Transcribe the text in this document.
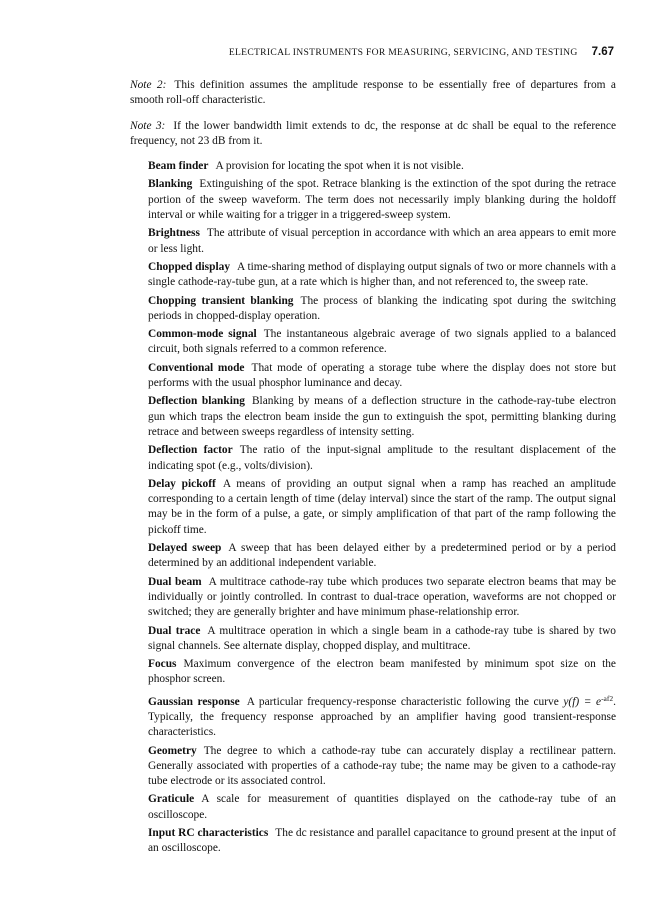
ELECTRICAL INSTRUMENTS FOR MEASURING, SERVICING, AND TESTING 7.67

Note 2: This definition assumes the amplitude response to be essentially free of departures from a smooth roll-off characteristic.

Note 3: If the lower bandwidth limit extends to dc, the response at dc shall be equal to the reference frequency, not 23 dB from it.

Beam finder A provision for locating the spot when it is not visible.

Blanking Extinguishing of the spot. Retrace blanking is the extinction of the spot during the retrace portion of the sweep waveform. The term does not necessarily imply blanking during the holdoff interval or while waiting for a trigger in a triggered-sweep system.

Brightness The attribute of visual perception in accordance with which an area appears to emit more or less light.

Chopped display A time-sharing method of displaying output signals of two or more channels with a single cathode-ray-tube gun, at a rate which is higher than, and not referenced to, the sweep rate.

Chopping transient blanking The process of blanking the indicating spot during the switching periods in chopped-display operation.

Common-mode signal The instantaneous algebraic average of two signals applied to a balanced circuit, both signals referred to a common reference.

Conventional mode That mode of operating a storage tube where the display does not store but performs with the usual phosphor luminance and decay.

Deflection blanking Blanking by means of a deflection structure in the cathode-ray-tube electron gun which traps the electron beam inside the gun to extinguish the spot, permitting blanking during retrace and between sweeps regardless of intensity setting.

Deflection factor The ratio of the input-signal amplitude to the resultant displacement of the indicating spot (e.g., volts/division).

Delay pickoff A means of providing an output signal when a ramp has reached an amplitude corresponding to a certain length of time (delay interval) since the start of the ramp. The output signal may be in the form of a pulse, a gate, or simply amplification of that part of the ramp following the pickoff time.

Delayed sweep A sweep that has been delayed either by a predetermined period or by a period determined by an additional independent variable.

Dual beam A multitrace cathode-ray tube which produces two separate electron beams that may be individually or jointly controlled. In contrast to dual-trace operation, waveforms are not chopped or switched; they are generally brighter and have minimum phase-relationship error.

Dual trace A multitrace operation in which a single beam in a cathode-ray tube is shared by two signal channels. See alternate display, chopped display, and multitrace.

Focus Maximum convergence of the electron beam manifested by minimum spot size on the phosphor screen.

Gaussian response A particular frequency-response characteristic following the curve $y(f) = e^{-af2}$. Typically, the frequency response approached by an amplifier having good transient-response characteristics.

Geometry The degree to which a cathode-ray tube can accurately display a rectilinear pattern. Generally associated with properties of a cathode-ray tube; the name may be given to a cathode-ray tube electrode or its associated control.

Graticule A scale for measurement of quantities displayed on the cathode-ray tube of an oscilloscope.

Input RC characteristics The dc resistance and parallel capacitance to ground present at the input of an oscilloscope.
